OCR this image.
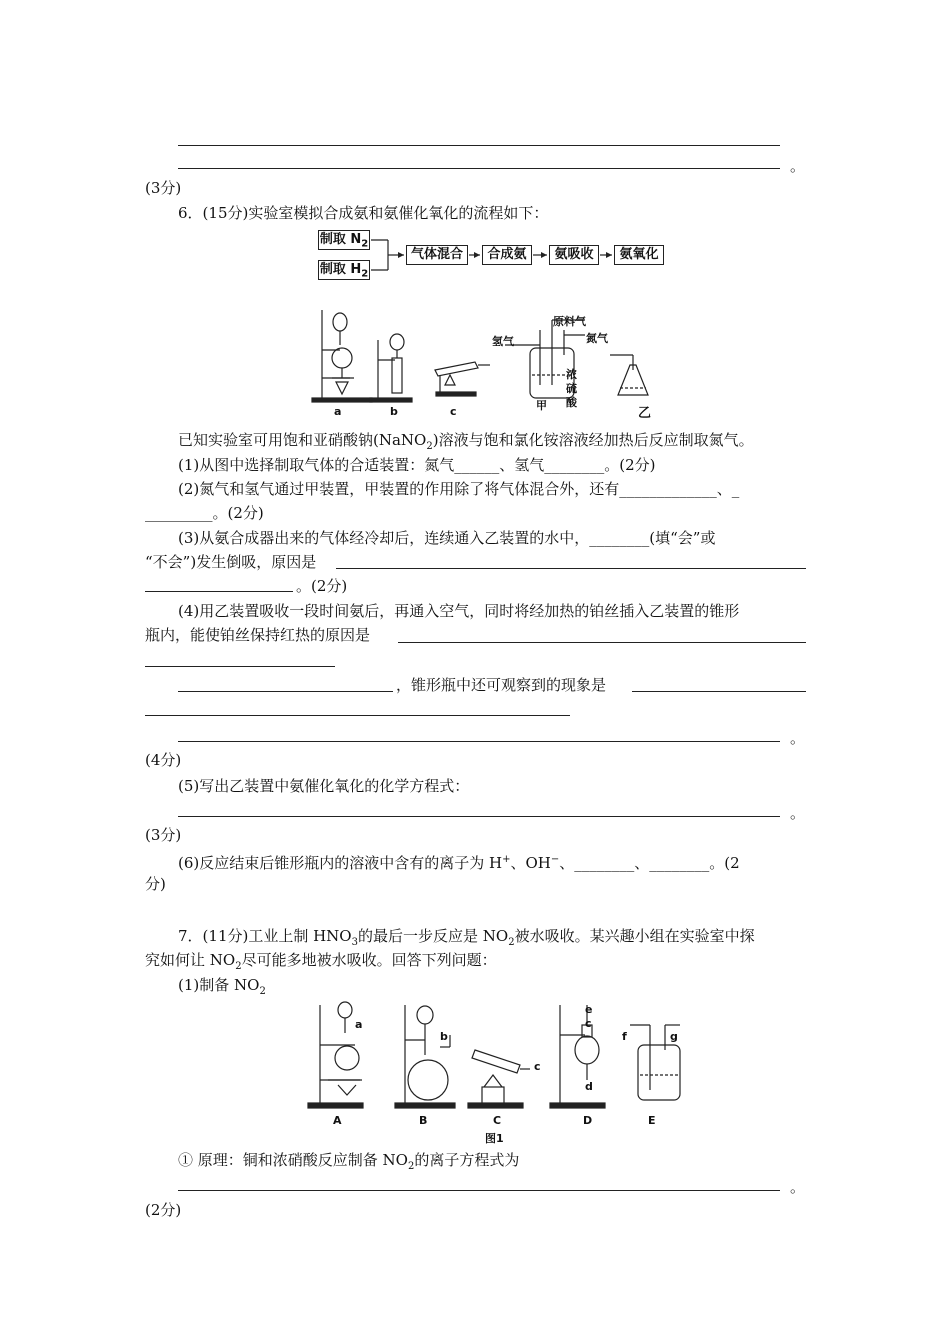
。
(3分)
6．(15分)实验室模拟合成氨和氨催化氧化的流程如下：
制取 $N_2$
制取 $H_2$
气体混合	合成氨	氨吸收	氨氧化
a	b	c	甲
乙
原料气
氢气	氮气
浓
硫
酸
已知实验室可用饱和亚硝酸钠(NaNO$_2$)溶液与饱和氯化铵溶液经加热后反应制取氮气。
(1)从图中选择制取气体的合适装置：氮气______、氢气________。(2分)
(2)氮气和氢气通过甲装置，甲装置的作用除了将气体混合外，还有_____________、_
_________。(2分)
(3)从氨合成器出来的气体经冷却后，连续通入乙装置的水中，________(填“会”或
“不会”)发生倒吸，原因是
。(2分)
(4)用乙装置吸收一段时间氨后，再通入空气，同时将经加热的铂丝插入乙装置的锥形
瓶内，能使铂丝保持红热的原因是
，锥形瓶中还可观察到的现象是
。
(4分)
(5)写出乙装置中氨催化氧化的化学方程式：
。
(3分)
(6)反应结束后锥形瓶内的溶液中含有的离子为 H+、OH−、________、________。(2
分)
7．(11分)工业上制 $HNO_3$的最后一步反应是 $NO_2$被水吸收。某兴趣小组在实验室中探
究如何让 $NO_2$尽可能多地被水吸收。回答下列问题：
(1)制备 $NO_2$
a
b
c
e
c
d
f	g
A	B	C	D	E
图1
① 原理：铜和浓硝酸反应制备 $NO_2$的离子方程式为
。
(2分)
